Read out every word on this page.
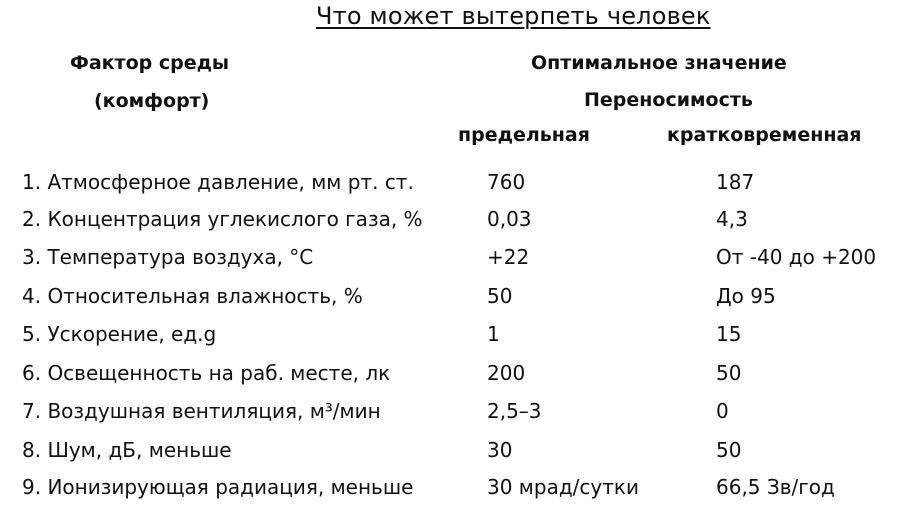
Что может вытерпеть человек
Фактор среды
(комфорт)
Оптимальное значение
Переносимость
предельная	кратковременная
1. Атмосферное давление, мм рт. ст.	760	187
2. Концентрация углекислого газа, %	0,03	4,3
3. Температура воздуха, °С	+22	От -40 до +200
4. Относительная влажность, %	50	До 95
5. Ускорение, ед.g	1	15
6. Освещенность на раб. месте, лк	200	50
7. Воздушная вентиляция, м³/мин	2,5–3	0
8. Шум, дБ, меньше	30	50
9. Ионизирующая радиация, меньше	30 мрад/сутки	66,5 Зв/год
